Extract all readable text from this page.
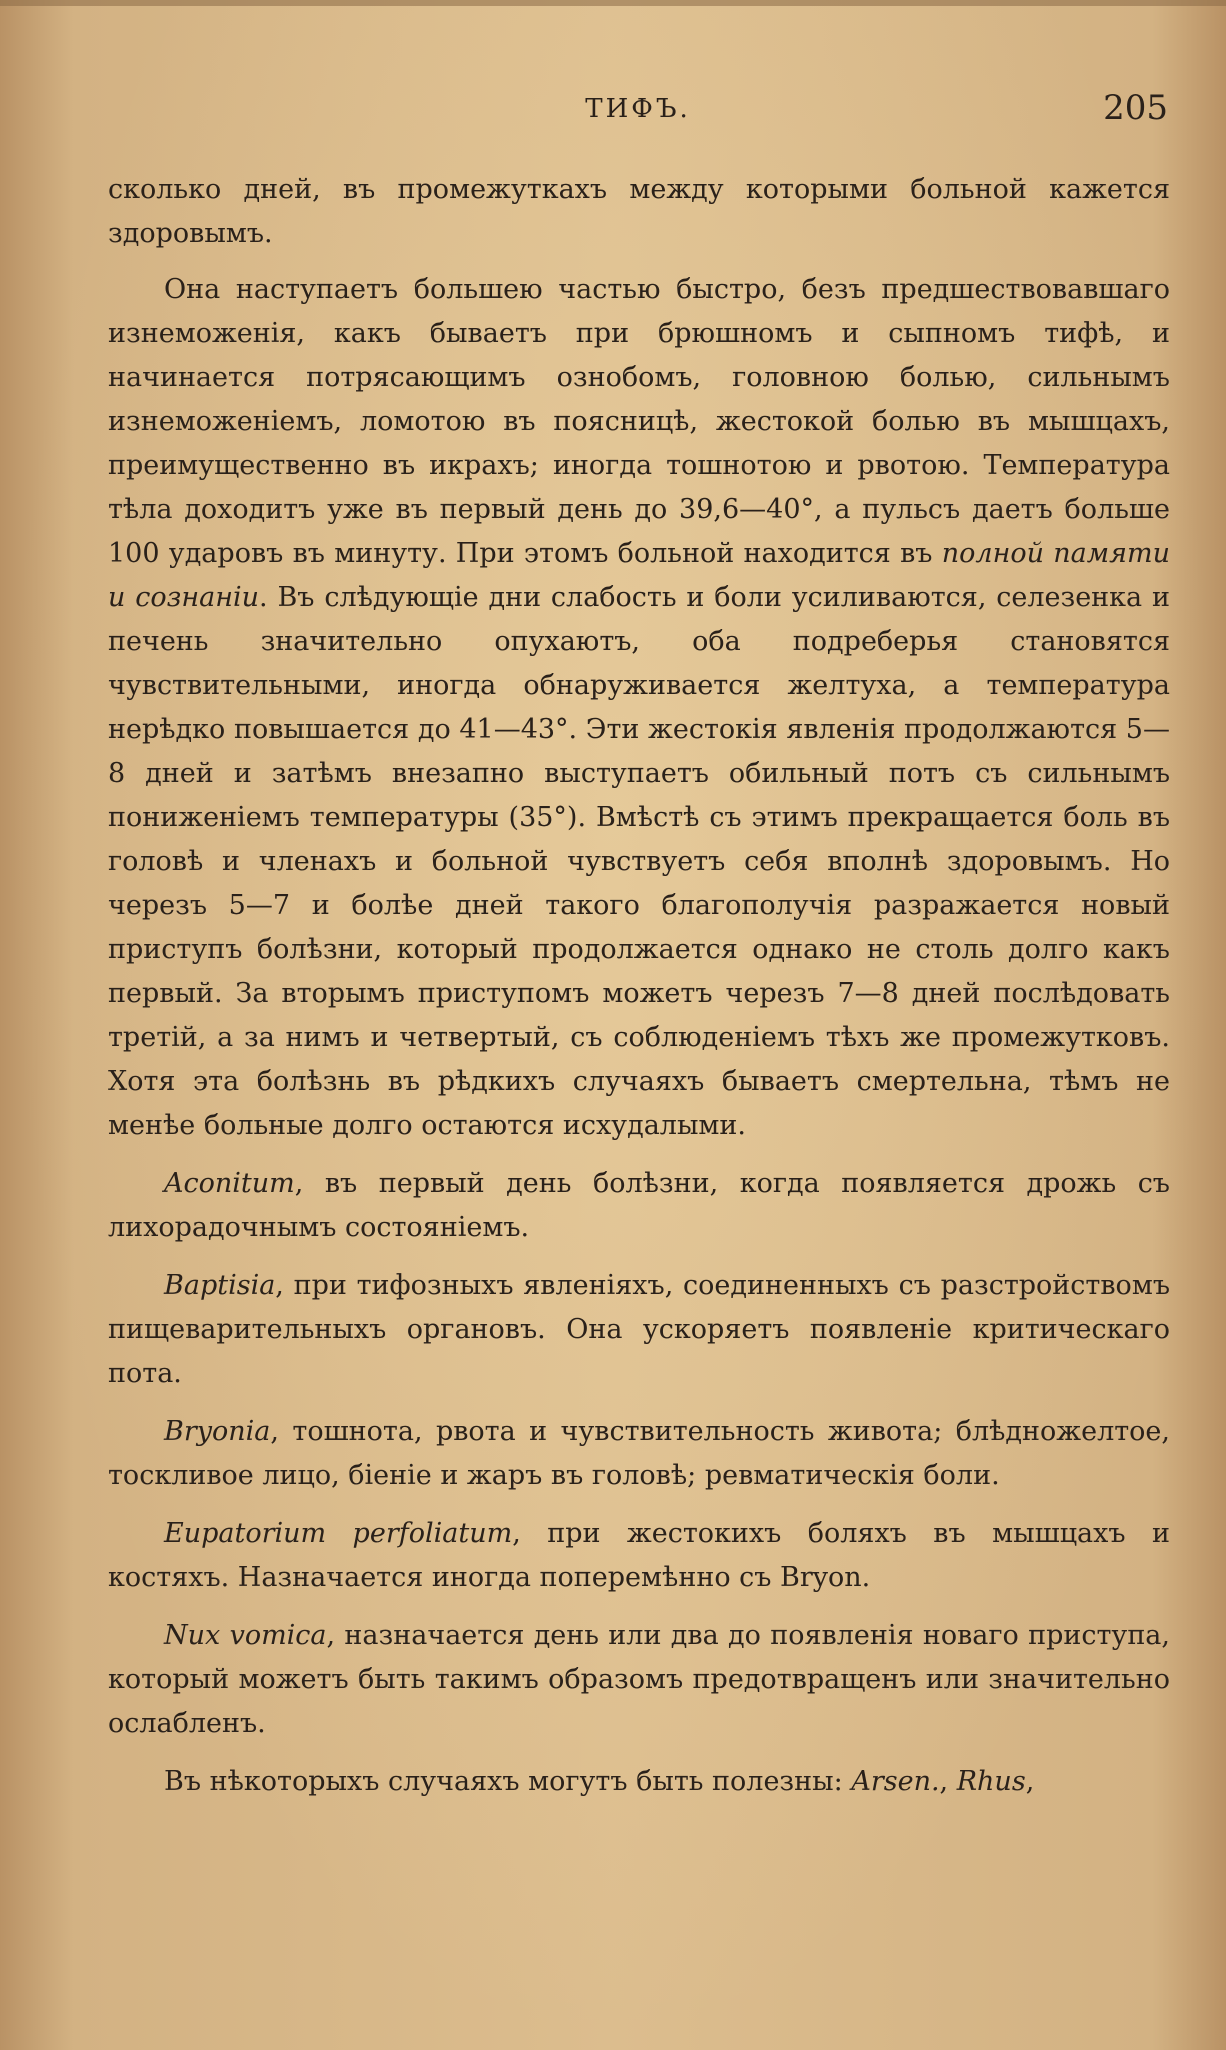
ТИФЪ.	205

сколько дней, въ промежуткахъ между которыми больной кажется здоровымъ.

Она наступаетъ большею частью быстро, безъ предшествовавшаго изнеможенiя, какъ бываетъ при брюшномъ и сыпномъ тифѣ, и начинается потрясающимъ ознобомъ, головною болью, сильнымъ изнеможенiемъ, ломотою въ поясницѣ, жестокой болью въ мышцахъ, преимущественно въ икрахъ; иногда тошнотою и рвотою. Температура тѣла доходитъ уже въ первый день до 39,6—40°, а пульсъ даетъ больше 100 ударовъ въ минуту. При этомъ больной находится въ полной памяти и сознанiи. Въ слѣдующiе дни слабость и боли усиливаются, селезенка и печень значительно опухаютъ, оба подреберья становятся чувствительными, иногда обнаруживается желтуха, а температура нерѣдко повышается до 41—43°. Эти жестокiя явленiя продолжаются 5—8 дней и затѣмъ внезапно выступаетъ обильный потъ съ сильнымъ пониженiемъ температуры (35°). Вмѣстѣ съ этимъ прекращается боль въ головѣ и членахъ и больной чувствуетъ себя вполнѣ здоровымъ. Но черезъ 5—7 и болѣе дней такого благополучiя разражается новый приступъ болѣзни, который продолжается однако не столь долго какъ первый. За вторымъ приступомъ можетъ черезъ 7—8 дней послѣдовать третiй, а за нимъ и четвертый, съ соблюденiемъ тѣхъ же промежутковъ. Хотя эта болѣзнь въ рѣдкихъ случаяхъ бываетъ смертельна, тѣмъ не менѣе больные долго остаются исхудалыми.

Aconitum, въ первый день болѣзни, когда появляется дрожь съ лихорадочнымъ состоянiемъ.

Baptisia, при тифозныхъ явленiяхъ, соединенныхъ съ разстройствомъ пищеварительныхъ органовъ. Она ускоряетъ появленiе критическаго пота.

Bryonia, тошнота, рвота и чувствительность живота; блѣдножелтое, тоскливое лицо, бiенiе и жаръ въ головѣ; ревматическiя боли.

Eupatorium perfoliatum, при жестокихъ боляхъ въ мышцахъ и костяхъ. Назначается иногда поперемѣнно съ Bryon.

Nux vomica, назначается день или два до появленiя новаго приступа, который можетъ быть такимъ образомъ предотвращенъ или значительно ослабленъ.

Въ нѣкоторыхъ случаяхъ могутъ быть полезны: Arsen., Rhus,
